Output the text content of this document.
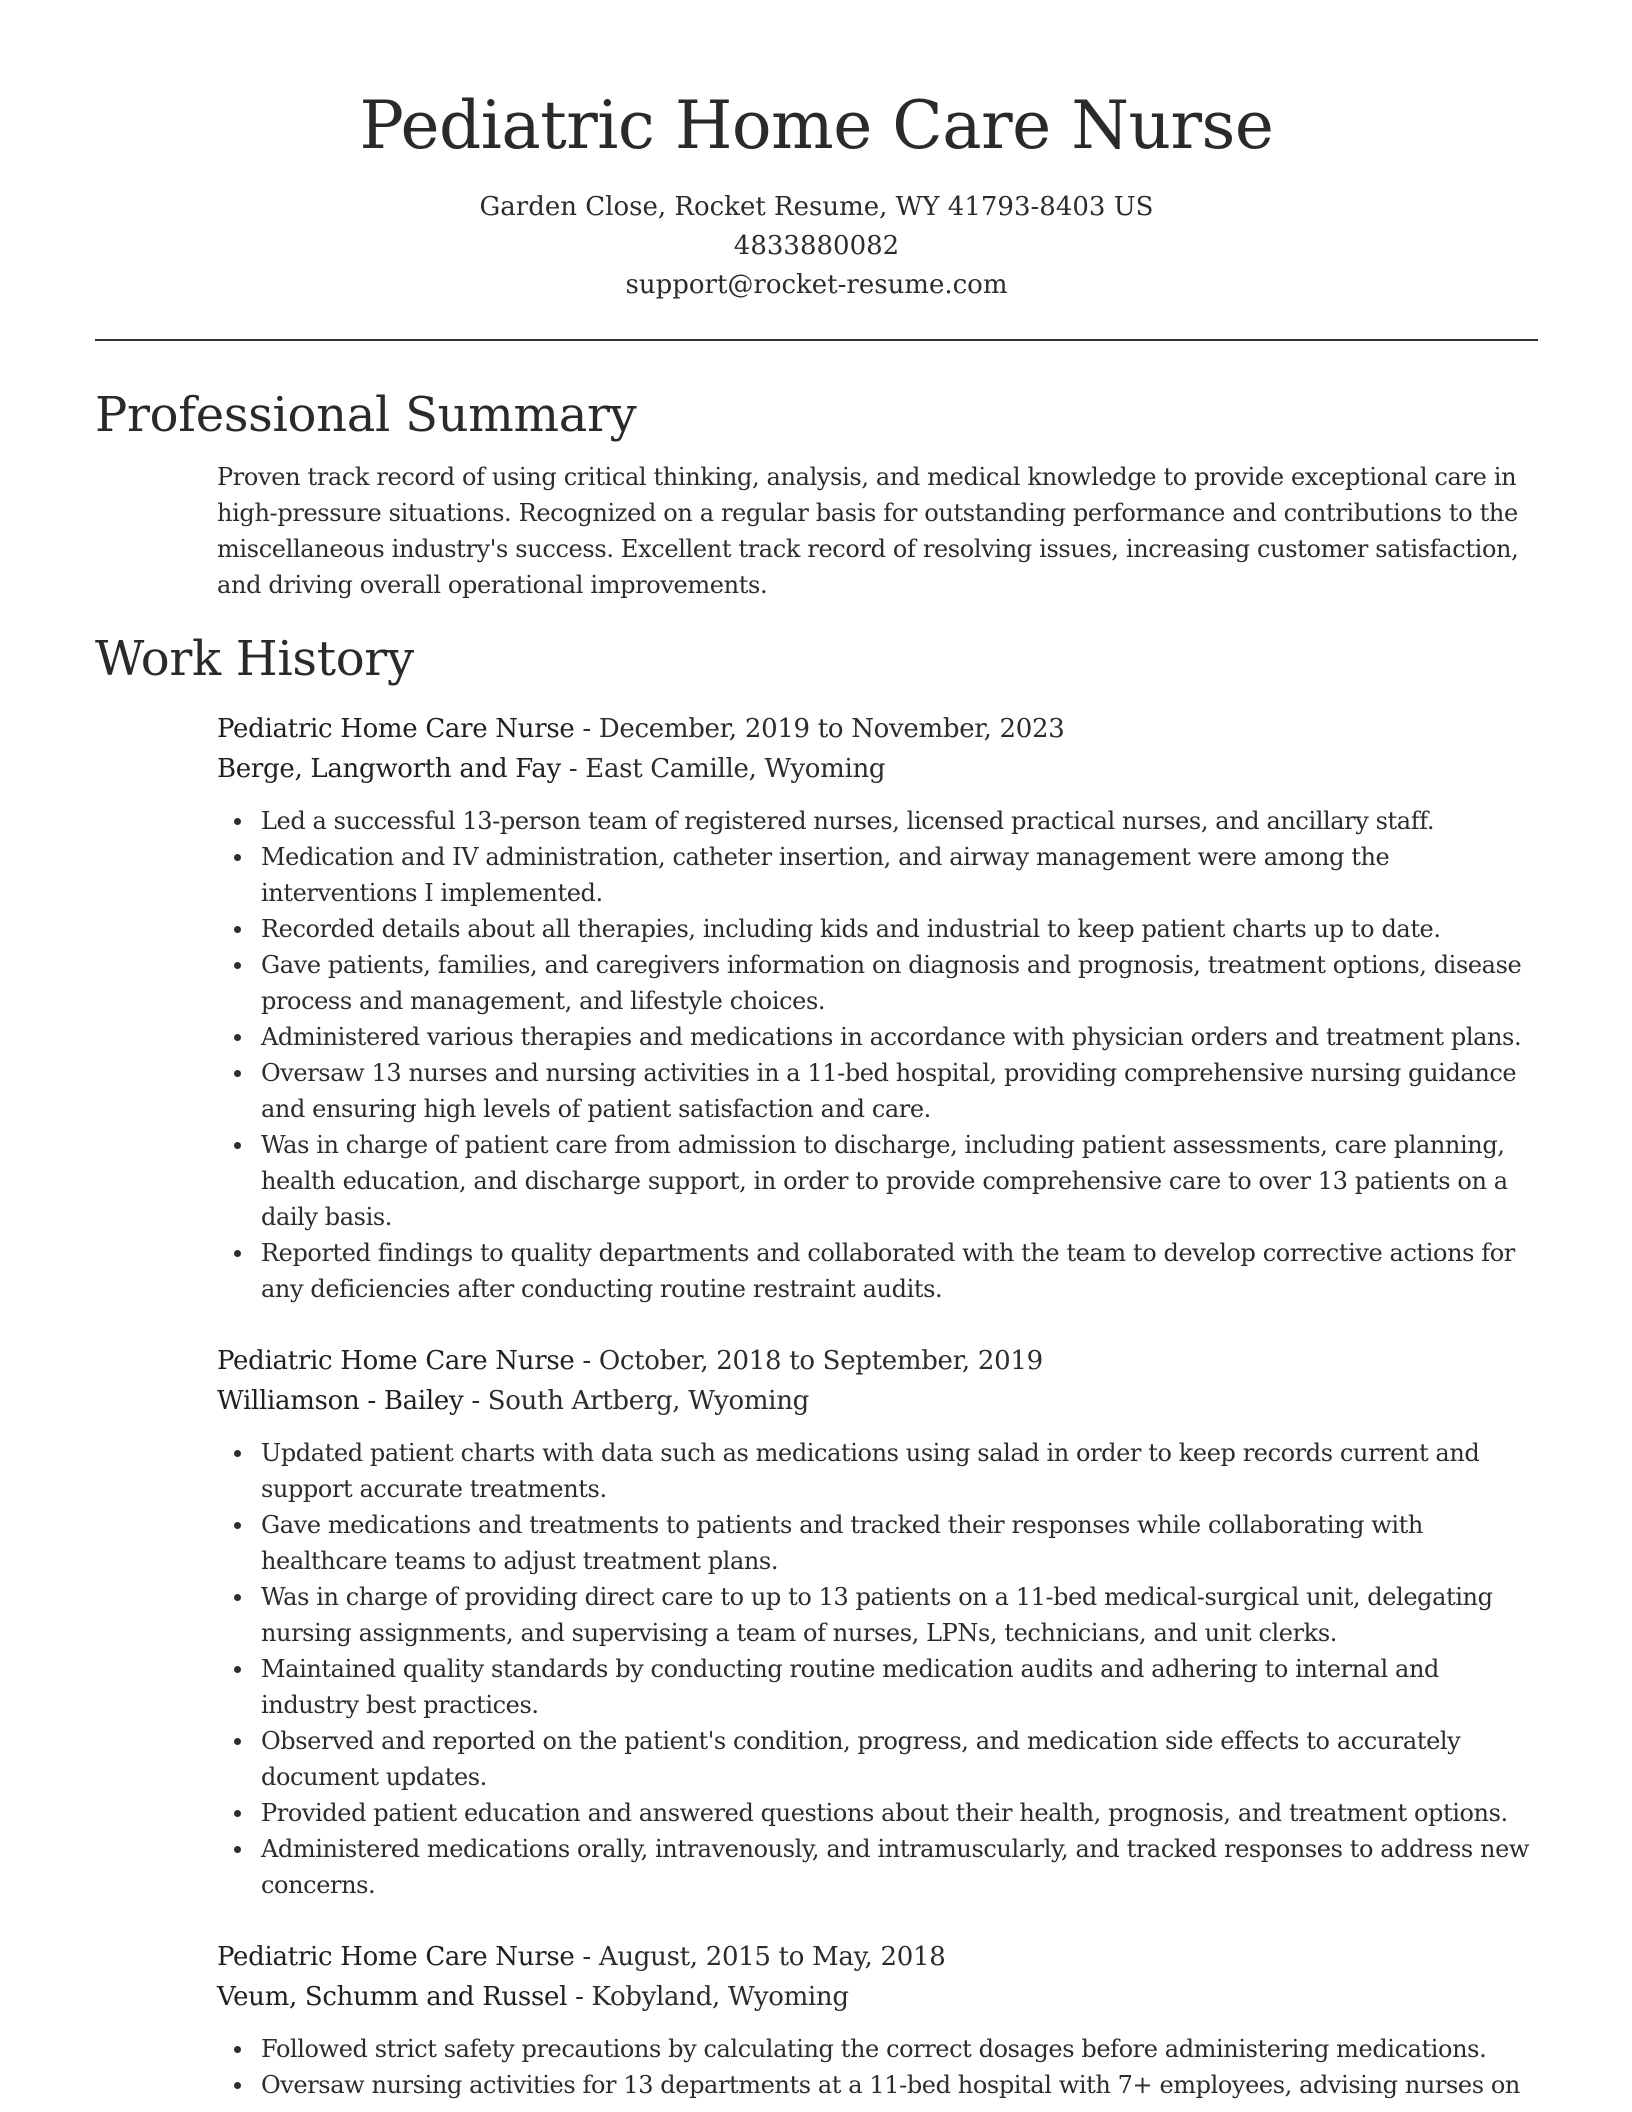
Pediatric Home Care Nurse
Garden Close, Rocket Resume, WY 41793-8403 US
4833880082
support@rocket-resume.com
Professional Summary

Proven track record of using critical thinking, analysis, and medical knowledge to provide exceptional care in high-pressure situations. Recognized on a regular basis for outstanding performance and contributions to the miscellaneous industry's success. Excellent track record of resolving issues, increasing customer satisfaction, and driving overall operational improvements.

Work History
Pediatric Home Care Nurse - December, 2019 to November, 2023
Berge, Langworth and Fay - East Camille, Wyoming
Led a successful 13-person team of registered nurses, licensed practical nurses, and ancillary staff.
Medication and IV administration, catheter insertion, and airway management were among the interventions I implemented.
Recorded details about all therapies, including kids and industrial to keep patient charts up to date.
Gave patients, families, and caregivers information on diagnosis and prognosis, treatment options, disease process and management, and lifestyle choices.
Administered various therapies and medications in accordance with physician orders and treatment plans.
Oversaw 13 nurses and nursing activities in a 11-bed hospital, providing comprehensive nursing guidance and ensuring high levels of patient satisfaction and care.
Was in charge of patient care from admission to discharge, including patient assessments, care planning, health education, and discharge support, in order to provide comprehensive care to over 13 patients on a daily basis.
Reported findings to quality departments and collaborated with the team to develop corrective actions for any deficiencies after conducting routine restraint audits.
Pediatric Home Care Nurse - October, 2018 to September, 2019
Williamson - Bailey - South Artberg, Wyoming
Updated patient charts with data such as medications using salad in order to keep records current and support accurate treatments.
Gave medications and treatments to patients and tracked their responses while collaborating with healthcare teams to adjust treatment plans.
Was in charge of providing direct care to up to 13 patients on a 11-bed medical-surgical unit, delegating nursing assignments, and supervising a team of nurses, LPNs, technicians, and unit clerks.
Maintained quality standards by conducting routine medication audits and adhering to internal and industry best practices.
Observed and reported on the patient's condition, progress, and medication side effects to accurately document updates.
Provided patient education and answered questions about their health, prognosis, and treatment options.
Administered medications orally, intravenously, and intramuscularly, and tracked responses to address new concerns.
Pediatric Home Care Nurse - August, 2015 to May, 2018
Veum, Schumm and Russel - Kobyland, Wyoming
Followed strict safety precautions by calculating the correct dosages before administering medications.
Oversaw nursing activities for 13 departments at a 11-bed hospital with 7+ employees, advising nurses on
